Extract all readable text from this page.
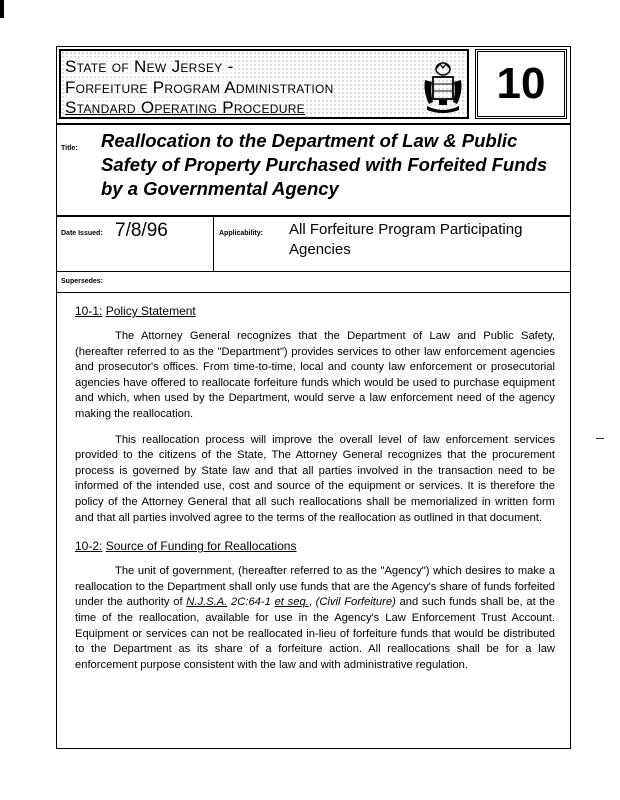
State of New Jersey -
Forfeiture Program Administration
Standard Operating Procedure	10
Title: Reallocation to the Department of Law & Public Safety of Property Purchased with Forfeited Funds by a Governmental Agency
Date Issued: 7/8/96	Applicability: All Forfeiture Program Participating Agencies
Supersedes:

10-1: Policy Statement

The Attorney General recognizes that the Department of Law and Public Safety, (hereafter referred to as the "Department") provides services to other law enforcement agencies and prosecutor's offices. From time-to-time, local and county law enforcement or prosecutorial agencies have offered to reallocate forfeiture funds which would be used to purchase equipment and which, when used by the Department, would serve a law enforcement need of the agency making the reallocation.

This reallocation process will improve the overall level of law enforcement services provided to the citizens of the State, The Attorney General recognizes that the procurement process is governed by State law and that all parties involved in the transaction need to be informed of the intended use, cost and source of the equipment or services. It is therefore the policy of the Attorney General that all such reallocations shall be memorialized in written form and that all parties involved agree to the terms of the reallocation as outlined in that document.

10-2: Source of Funding for Reallocations

The unit of government, (hereafter referred to as the "Agency") which desires to make a reallocation to the Department shall only use funds that are the Agency's share of funds forfeited under the authority of N.J.S.A. 2C:64-1 et seq., (Civil Forfeiture) and such funds shall be, at the time of the reallocation, available for use in the Agency's Law Enforcement Trust Account. Equipment or services can not be reallocated in-lieu of forfeiture funds that would be distributed to the Department as its share of a forfeiture action. All reallocations shall be for a law enforcement purpose consistent with the law and with administrative regulation.
